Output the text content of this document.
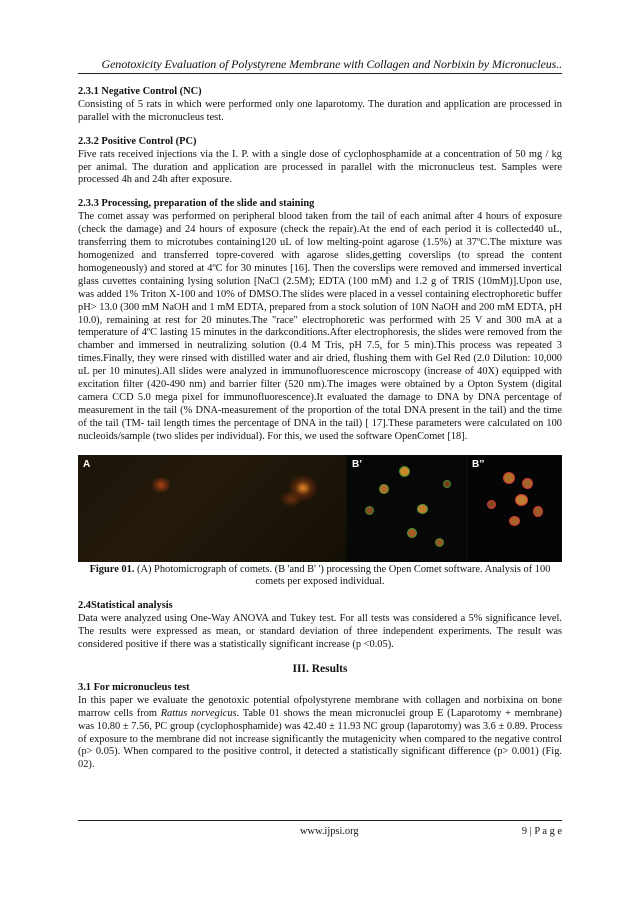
Genotoxicity Evaluation of Polystyrene Membrane with Collagen and Norbixin by Micronucleus..

2.3.1 Negative Control (NC)

Consisting of 5 rats in which were performed only one laparotomy. The duration and application are processed in parallel with the micronucleus test.

2.3.2 Positive Control (PC)

Five rats received injections via the I. P. with a single dose of cyclophosphamide at a concentration of 50 mg / kg per animal. The duration and application are processed in parallel with the micronucleus test. Samples were processed 4h and 24h after exposure.

2.3.3 Processing, preparation of the slide and staining

The comet assay was performed on peripheral blood taken from the tail of each animal after 4 hours of exposure (check the damage) and 24 hours of exposure (check the repair).At the end of each period it is collected40 uL, transferring them to microtubes containing120 uL of low melting-point agarose (1.5%) at 37ºC.The mixture was homogenized and transferred topre-covered with agarose slides,getting coverslips (to spread the content homogeneously) and stored at 4ºC for 30 minutes [16]. Then the coverslips were removed and immersed invertical glass cuvettes containing lysing solution [NaCl (2.5M); EDTA (100 mM) and 1.2 g of TRIS (10mM)].Upon use, was added 1% Triton X-100 and 10% of DMSO.The slides were placed in a vessel containing electrophoretic buffer pH> 13.0 (300 mM NaOH and 1 mM EDTA, prepared from a stock solution of 10N NaOH and 200 mM EDTA, pH 10.0), remaining at rest for 20 minutes.The "race" electrophoretic was performed with 25 V and 300 mA at a temperature of 4ºC lasting 15 minutes in the darkconditions.After electrophoresis, the slides were removed from the chamber and immersed in neutralizing solution (0.4 M Tris, pH 7.5, for 5 min).This process was repeated 3 times.Finally, they were rinsed with distilled water and air dried, flushing them with Gel Red (2.0 Dilution: 10,000 uL per 10 minutes).All slides were analyzed in immunofluorescence microscopy (increase of 40X) equipped with excitation filter (420-490 nm) and barrier filter (520 nm).The images were obtained by a Opton System (digital camera CCD 5.0 mega pixel for immunofluorescence).It evaluated the damage to DNA by DNA percentage of measurement in the tail (% DNA-measurement of the proportion of the total DNA present in the tail) and the time of the tail (TM- tail length times the percentage of DNA in the tail) [ 17].These parameters were calculated on 100 nucleoids/sample (two slides per individual). For this, we used the software OpenComet [18].

A	B’	B’’

Figure 01. (A) Photomicrograph of comets. (B 'and B' ') processing the Open Comet software. Analysis of 100 comets per exposed individual.

2.4Statistical analysis

Data were analyzed using One-Way ANOVA and Tukey test. For all tests was considered a 5% significance level. The results were expressed as mean, or standard deviation of three independent experiments. The result was considered positive if there was a statistically significant increase (p <0.05).

III. Results

3.1 For micronucleus test

In this paper we evaluate the genotoxic potential ofpolystyrene membrane with collagen and norbixina on bone marrow cells from Rattus norvegicus. Table 01 shows the mean micronuclei group E (Laparotomy + membrane) was 10.80 ± 7.56, PC group (cyclophosphamide) was 42.40 ± 11.93 NC group (laparotomy) was 3.6 ± 0.89. Process of exposure to the membrane did not increase significantly the mutagenicity when compared to the negative control (p> 0.05). When compared to the positive control, it detected a statistically significant difference (p> 0.001) (Fig. 02).

www.ijpsi.org	9 | P a g e
